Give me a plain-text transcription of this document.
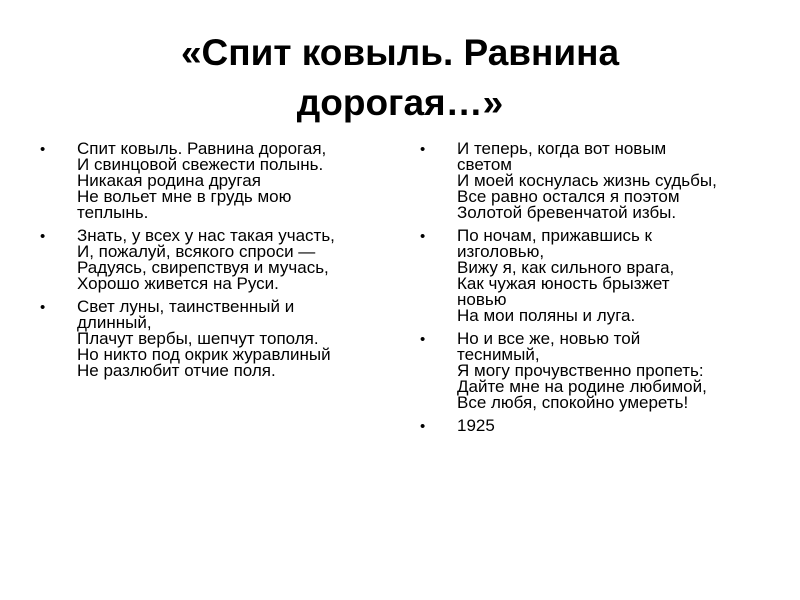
«Спит ковыль. Равнина
дорогая…»
• Спит ковыль. Равнина дорогая,
И свинцовой свежести полынь.
Никакая родина другая
Не вольет мне в грудь мою
теплынь.
• Знать, у всех у нас такая участь,
И, пожалуй, всякого спроси —
Радуясь, свирепствуя и мучась,
Хорошо живется на Руси.
• Свет луны, таинственный и
длинный,
Плачут вербы, шепчут тополя.
Но никто под окрик журавлиный
Не разлюбит отчие поля.
• И теперь, когда вот новым
светом
И моей коснулась жизнь судьбы,
Все равно остался я поэтом
Золотой бревенчатой избы.
• По ночам, прижавшись к
изголовью,
Вижу я, как сильного врага,
Как чужая юность брызжет
новью
На мои поляны и луга.
• Но и все же, новью той
теснимый,
Я могу прочувственно пропеть:
Дайте мне на родине любимой,
Все любя, спокойно умереть!
• 1925
